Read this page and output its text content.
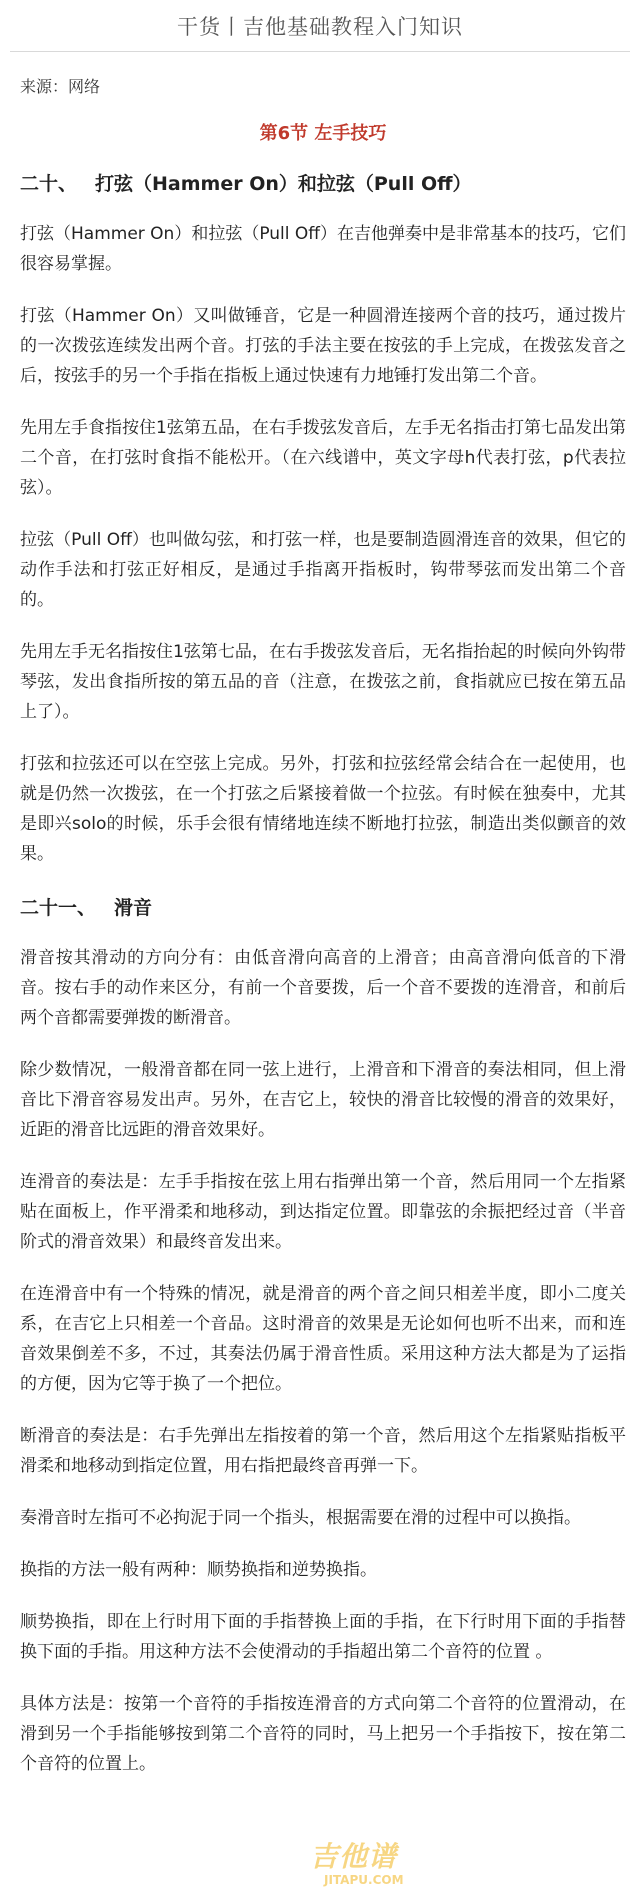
干货丨吉他基础教程入门知识
来源：网络
第6节 左手技巧
二十、 打弦（Hammer On）和拉弦（Pull Off）

打弦（Hammer On）和拉弦（Pull Off）在吉他弹奏中是非常基本的技巧，它们很容易掌握。

打弦（Hammer On）又叫做锤音，它是一种圆滑连接两个音的技巧，通过拨片的一次拨弦连续发出两个音。打弦的手法主要在按弦的手上完成，在拨弦发音之后，按弦手的另一个手指在指板上通过快速有力地锤打发出第二个音。

先用左手食指按住1弦第五品，在右手拨弦发音后，左手无名指击打第七品发出第二个音，在打弦时食指不能松开。（在六线谱中，英文字母h代表打弦，p代表拉弦）。

拉弦（Pull Off）也叫做勾弦，和打弦一样，也是要制造圆滑连音的效果，但它的动作手法和打弦正好相反，是通过手指离开指板时，钩带琴弦而发出第二个音的。

先用左手无名指按住1弦第七品，在右手拨弦发音后，无名指抬起的时候向外钩带琴弦，发出食指所按的第五品的音（注意，在拨弦之前，食指就应已按在第五品上了）。

打弦和拉弦还可以在空弦上完成。另外，打弦和拉弦经常会结合在一起使用，也就是仍然一次拨弦，在一个打弦之后紧接着做一个拉弦。有时候在独奏中，尤其是即兴solo的时候，乐手会很有情绪地连续不断地打拉弦，制造出类似颤音的效果。

二十一、 滑音

滑音按其滑动的方向分有：由低音滑向高音的上滑音；由高音滑向低音的下滑音。按右手的动作来区分，有前一个音要拨，后一个音不要拨的连滑音，和前后两个音都需要弹拨的断滑音。

除少数情况，一般滑音都在同一弦上进行，上滑音和下滑音的奏法相同，但上滑音比下滑音容易发出声。另外，在吉它上，较快的滑音比较慢的滑音的效果好，近距的滑音比远距的滑音效果好。

连滑音的奏法是：左手手指按在弦上用右指弹出第一个音，然后用同一个左指紧贴在面板上，作平滑柔和地移动，到达指定位置。即靠弦的余振把经过音（半音阶式的滑音效果）和最终音发出来。

在连滑音中有一个特殊的情况，就是滑音的两个音之间只相差半度，即小二度关系，在吉它上只相差一个音品。这时滑音的效果是无论如何也听不出来，而和连音效果倒差不多，不过，其奏法仍属于滑音性质。采用这种方法大都是为了运指的方便，因为它等于换了一个把位。

断滑音的奏法是：右手先弹出左指按着的第一个音，然后用这个左指紧贴指板平滑柔和地移动到指定位置，用右指把最终音再弹一下。

奏滑音时左指可不必拘泥于同一个指头，根据需要在滑的过程中可以换指。

换指的方法一般有两种：顺势换指和逆势换指。

顺势换指，即在上行时用下面的手指替换上面的手指，在下行时用下面的手指替换下面的手指。用这种方法不会使滑动的手指超出第二个音符的位置 。

具体方法是：按第一个音符的手指按连滑音的方式向第二个音符的位置滑动，在滑到另一个手指能够按到第二个音符的同时，马上把另一个手指按下，按在第二个音符的位置上。

吉他谱
JITAPU.COM
